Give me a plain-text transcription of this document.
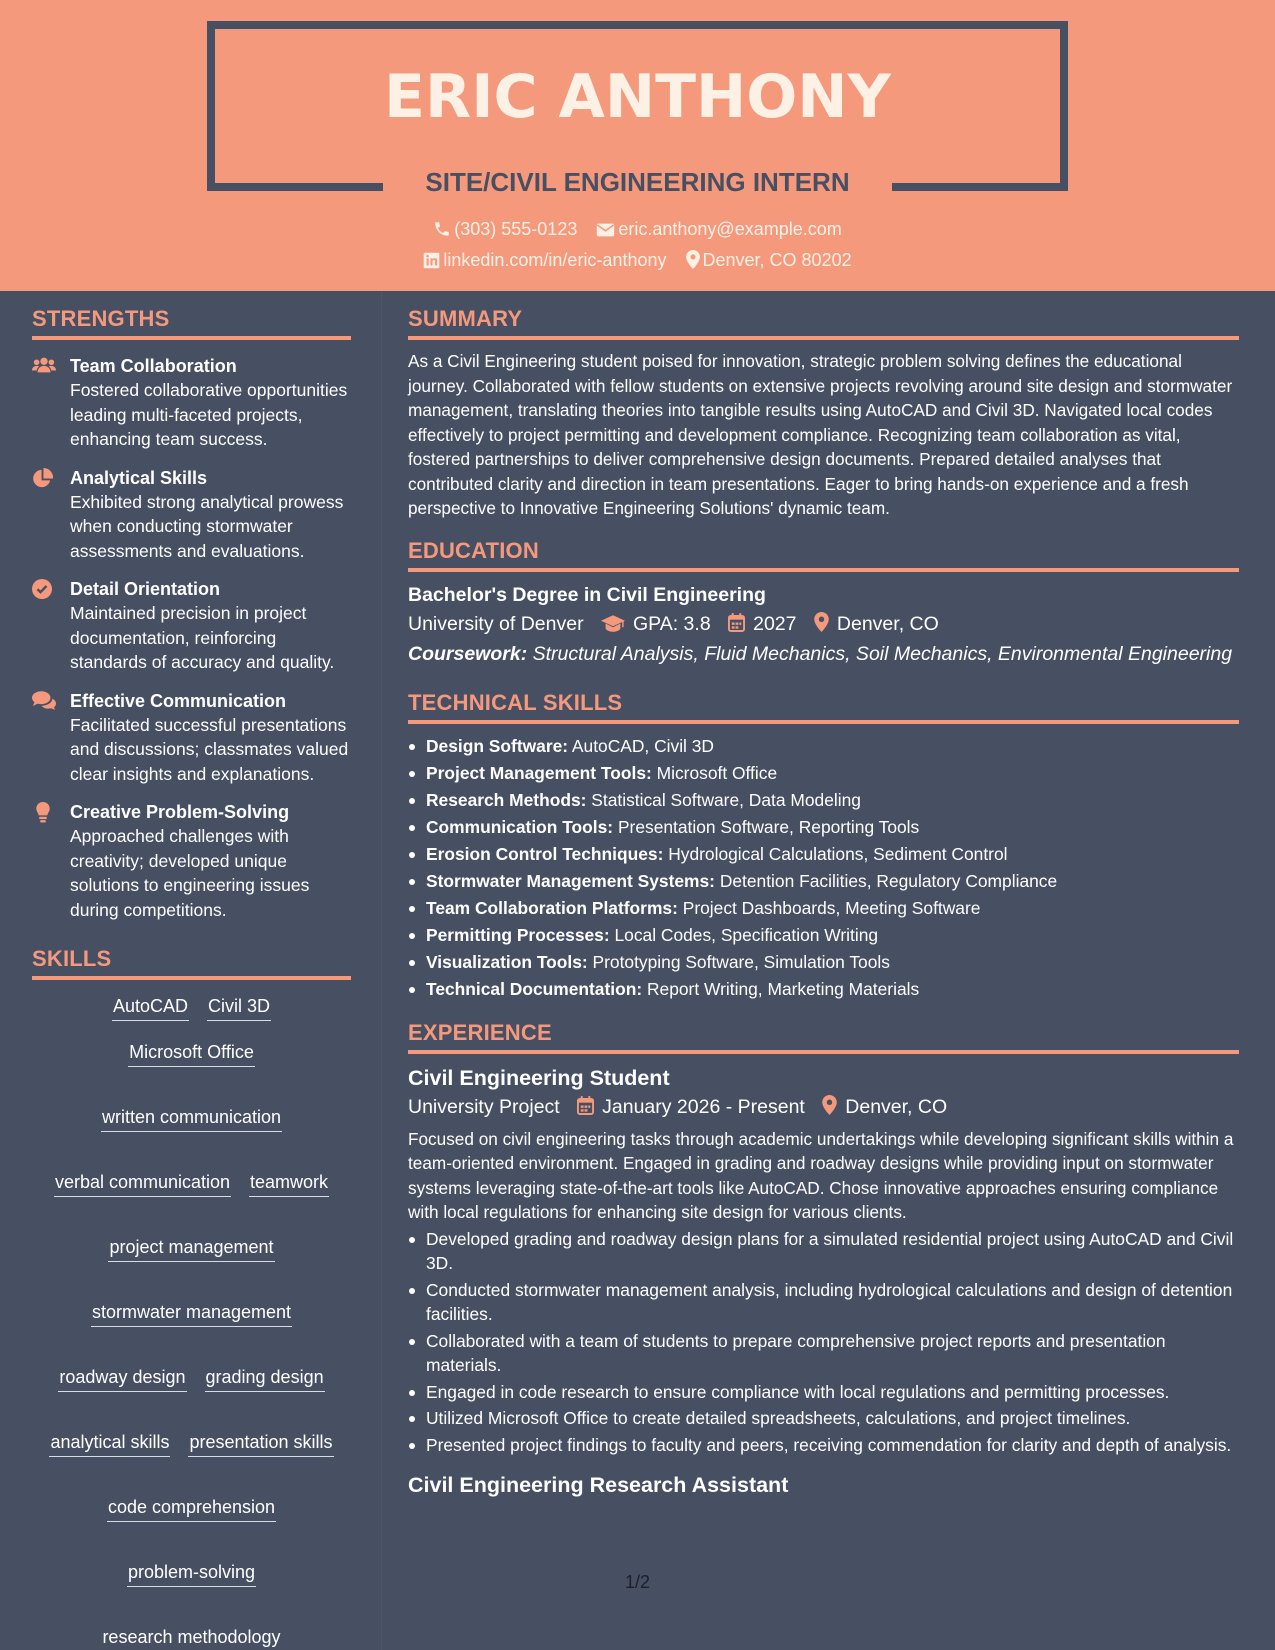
ERIC ANTHONY
SITE/CIVIL ENGINEERING INTERN
(303) 555-0123 eric.anthony@example.com
linkedin.com/in/eric-anthony Denver, CO 80202
STRENGTHS
Team Collaboration
Fostered collaborative opportunities leading multi-faceted projects, enhancing team success.
Analytical Skills
Exhibited strong analytical prowess when conducting stormwater assessments and evaluations.
Detail Orientation
Maintained precision in project documentation, reinforcing standards of accuracy and quality.
Effective Communication
Facilitated successful presentations and discussions; classmates valued clear insights and explanations.
Creative Problem-Solving
Approached challenges with creativity; developed unique solutions to engineering issues during competitions.
SKILLS
AutoCAD Civil 3D
Microsoft Office
written communication
verbal communication teamwork
project management
stormwater management
roadway design grading design
analytical skills presentation skills
code comprehension
problem-solving
research methodology
SUMMARY
As a Civil Engineering student poised for innovation, strategic problem solving defines the educational journey. Collaborated with fellow students on extensive projects revolving around site design and stormwater management, translating theories into tangible results using AutoCAD and Civil 3D. Navigated local codes effectively to project permitting and development compliance. Recognizing team collaboration as vital, fostered partnerships to deliver comprehensive design documents. Prepared detailed analyses that contributed clarity and direction in team presentations. Eager to bring hands-on experience and a fresh perspective to Innovative Engineering Solutions' dynamic team.
EDUCATION
Bachelor's Degree in Civil Engineering
University of Denver	GPA: 3.8 2027 Denver, CO
Coursework: Structural Analysis, Fluid Mechanics, Soil Mechanics, Environmental Engineering
TECHNICAL SKILLS
Design Software: AutoCAD, Civil 3D
Project Management Tools: Microsoft Office
Research Methods: Statistical Software, Data Modeling
Communication Tools: Presentation Software, Reporting Tools
Erosion Control Techniques: Hydrological Calculations, Sediment Control
Stormwater Management Systems: Detention Facilities, Regulatory Compliance
Team Collaboration Platforms: Project Dashboards, Meeting Software
Permitting Processes: Local Codes, Specification Writing
Visualization Tools: Prototyping Software, Simulation Tools
Technical Documentation: Report Writing, Marketing Materials
EXPERIENCE
Civil Engineering Student
University Project January 2026 - Present Denver, CO
Focused on civil engineering tasks through academic undertakings while developing significant skills within a team-oriented environment. Engaged in grading and roadway designs while providing input on stormwater systems leveraging state-of-the-art tools like AutoCAD. Chose innovative approaches ensuring compliance with local regulations for enhancing site design for various clients.
Developed grading and roadway design plans for a simulated residential project using AutoCAD and Civil 3D.
Conducted stormwater management analysis, including hydrological calculations and design of detention facilities.
Collaborated with a team of students to prepare comprehensive project reports and presentation materials.
Engaged in code research to ensure compliance with local regulations and permitting processes.
Utilized Microsoft Office to create detailed spreadsheets, calculations, and project timelines.
Presented project findings to faculty and peers, receiving commendation for clarity and depth of analysis.
Civil Engineering Research Assistant
1/2
